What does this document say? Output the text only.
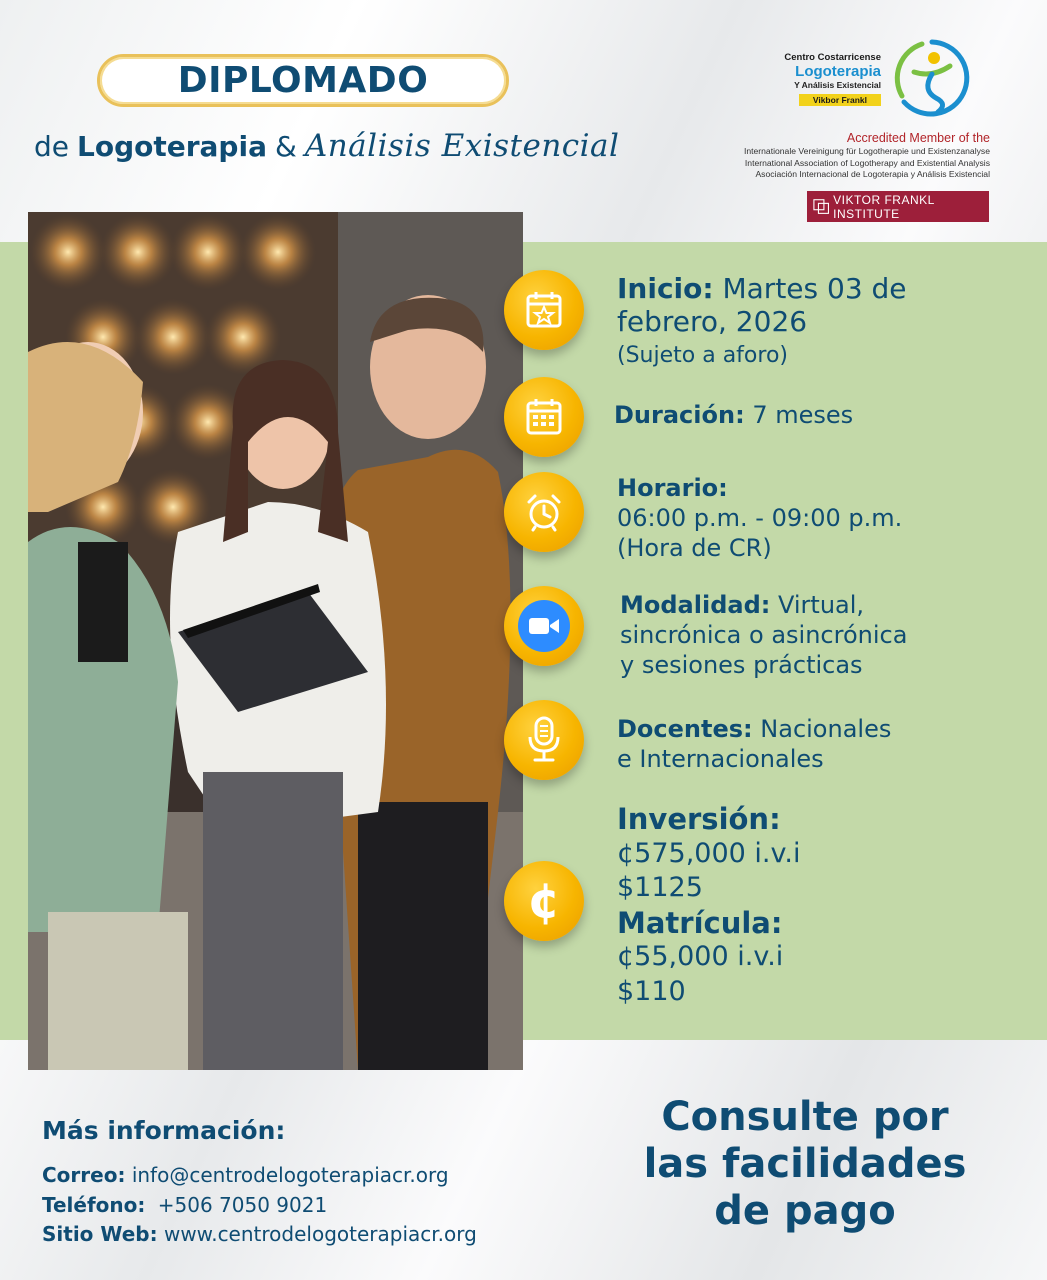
DIPLOMADO
de Logoterapia & Análisis Existencial
Centro Costarricense
Logoterapia
Y Análisis Existencial
Vikbor Frankl
Accredited Member of the
Internationale Vereinigung für Logotherapie und Existenzanalyse
International Association of Logotherapy and Existential Analysis
Asociación Internacional de Logoterapia y Análisis Existencial
VIKTOR FRANKL INSTITUTE
Inicio: Martes 03 de
febrero, 2026
(Sujeto a aforo)
Duración: 7 meses
Horario:
06:00 p.m. - 09:00 p.m.
(Hora de CR)
Modalidad: Virtual,
sincrónica o asincrónica
y sesiones prácticas
Docentes: Nacionales
e Internacionales
¢
Inversión:
¢575,000 i.v.i
$1125
Matrícula:
¢55,000 i.v.i
$110
Más información:
Correo: info@centrodelogoterapiacr.org
Teléfono: +506 7050 9021
Sitio Web: www.centrodelogoterapiacr.org
Consulte por
las facilidades
de pago
